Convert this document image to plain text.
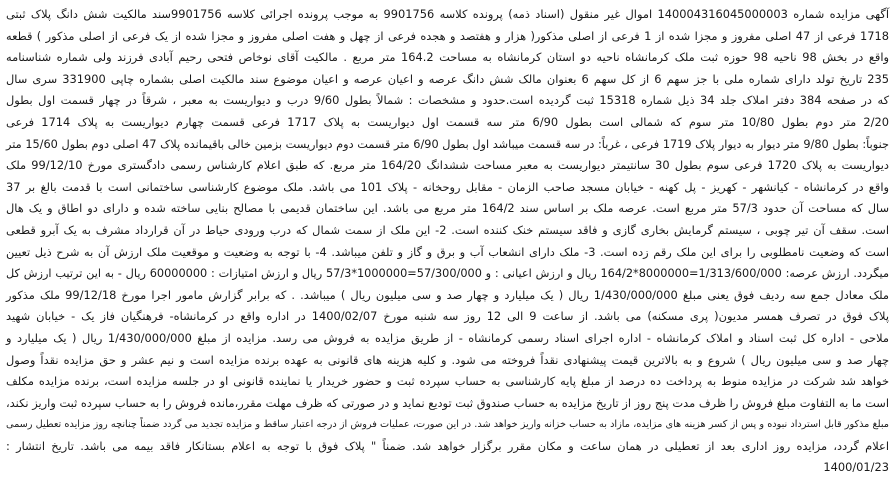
آگهی مزایده شماره 140004316045000003 اموال غیر منقول (اسناد ذمه) پرونده کلاسه 9901756 به موجب پرونده اجرائی کلاسه 9901756سند مالکیت شش دانگ پلاک ثبتی
1718 فرعی از 47 اصلی مفروز و مجزا شده از 1 فرعی از اصلی مذکور( هزار و هفتصد و هجده فرعی از چهل و هفت اصلی مفروز و مجزا شده از یک فرعی از اصلی مذکور ) قطعه
واقع در بخش 98 ناحیه 98 حوزه ثبت ملک کرمانشاه ناحیه دو استان کرمانشاه به مساحت 164.2 متر مربع . مالکیت آقای نوخاص فتحی رحیم آبادی فرزند ولی شماره شناسنامه
235 تاریخ تولد دارای شماره ملی با جز سهم 6 از کل سهم 6 بعنوان مالک شش دانگ عرصه و اعیان عرصه و اعیان موضوع سند مالکیت اصلی بشماره چاپی 331900 سری سال
که در صفحه 384 دفتر املاک جلد 34 ذیل شماره 15318 ثبت گردیده است.حدود و مشخصات : شمالاً بطول 9/60 درب و دیواریست به معبر ، شرقاً در چهار قسمت اول بطول
2/20 متر دوم بطول 10/80 متر سوم که شمالی است بطول 6/90 متر سه قسمت اول دیواریست به پلاک 1717 فرعی قسمت چهارم دیواریست به پلاک 1714 فرعی
جنوباً: بطول 9/80 متر دیوار به دیوار پلاک 1719 فرعی ، غرباً: در سه قسمت میباشد اول بطول 6/90 متر قسمت دوم دیواریست بزمین خالی باقیمانده پلاک 47 اصلی دوم بطول 15/60 متر
دیواریست به پلاک 1720 فرعی سوم بطول 30 سانتیمتر دیواریست به معبر مساحت ششدانگ 164/20 متر مربع. که طبق اعلام کارشناس رسمی دادگستری مورخ 99/12/10 ملک
واقع در کرمانشاه - کیانشهر - کهریز - پل کهنه - خیابان مسجد صاحب الزمان - مقابل روحخانه - پلاک 101 می باشد. ملک موضوع کارشناسی ساختمانی است با قدمت بالغ بر 37
سال که مساحت آن حدود 57/3 متر مربع است. عرصه ملک بر اساس سند 164/2 متر مربع می باشد. این ساختمان قدیمی با مصالح بنایی ساخته شده و دارای دو اطاق و یک هال
است. سقف آن تیر چوبی ، سیستم گرمایش بخاری گازی و فاقد سیستم خنک کننده است. 2- این ملک از سمت شمال که درب ورودی حیاط در آن قرارداد مشرف به یک آبرو قطعی
است که وضعیت نامطلوبی را برای این ملک رقم زده است. 3- ملک دارای انشعاب آب و برق و گاز و تلفن میباشد. 4- با توجه به وضعیت و موقعیت ملک ارزش آن به شرح ذیل تعیین
میگردد. ارزش عرصه: 1/313/600/000=8000000*164/2 ریال و ارزش اعیانی : و 57/300/000=1000000*57/3 ریال و ارزش امتیازات : 60000000 ریال - به این ترتیب ارزش کل
ملک معادل جمع سه ردیف فوق یعنی مبلغ 1/430/000/000 ریال ( یک میلیارد و چهار صد و سی میلیون ریال ) میباشد. . که برابر گزارش مامور اجرا مورخ 99/12/18 ملک مذکور
پلاک فوق در تصرف همسر مدیون( پری مسکنه) می باشد. از ساعت 9 الی 12 روز سه شنبه مورخ 1400/02/07 در اداره واقع در کرمانشاه- فرهنگیان فاز یک - خیابان شهید
ملاحی - اداره کل ثبت اسناد و املاک کرمانشاه - اداره اجرای اسناد رسمی کرمانشاه - از طریق مزایده به فروش می رسد. مزایده از مبلغ 1/430/000/000 ریال ( یک میلیارد و
چهار صد و سی میلیون ریال ) شروع و به بالاترین قیمت پیشنهادی نقداً فروخته می شود. و کلیه هزینه های قانونی به عهده برنده مزایده است و نیم عشر و حق مزایده نقداً وصول
خواهد شد شرکت در مزایده منوط به پرداخت ده درصد از مبلغ پایه کارشناسی به حساب سپرده ثبت و حضور خریدار یا نماینده قانونی او در جلسه مزایده است، برنده مزایده مکلف
است ما به التفاوت مبلغ فروش را ظرف مدت پنج روز از تاریخ مزایده به حساب صندوق ثبت تودیع نماید و در صورتی که ظرف مهلت مقرر،مانده فروش را به حساب سپرده ثبت واریز نکند،
مبلغ مذکور قابل استرداد نبوده و پس از کسر هزینه های مزایده، مازاد به حساب خزانه واریز خواهد شد. در این صورت، عملیات فروش از درجه اعتبار ساقط و مزایده تجدید می گردد ضمناً چنانچه روز مزایده تعطیل رسمی
اعلام گردد، مزایده روز اداری بعد از تعطیلی در همان ساعت و مکان مقرر برگزار خواهد شد. ضمناً " پلاک فوق با توجه به اعلام بستانکار فاقد بیمه می باشد. تاریخ انتشار :
1400/01/23
